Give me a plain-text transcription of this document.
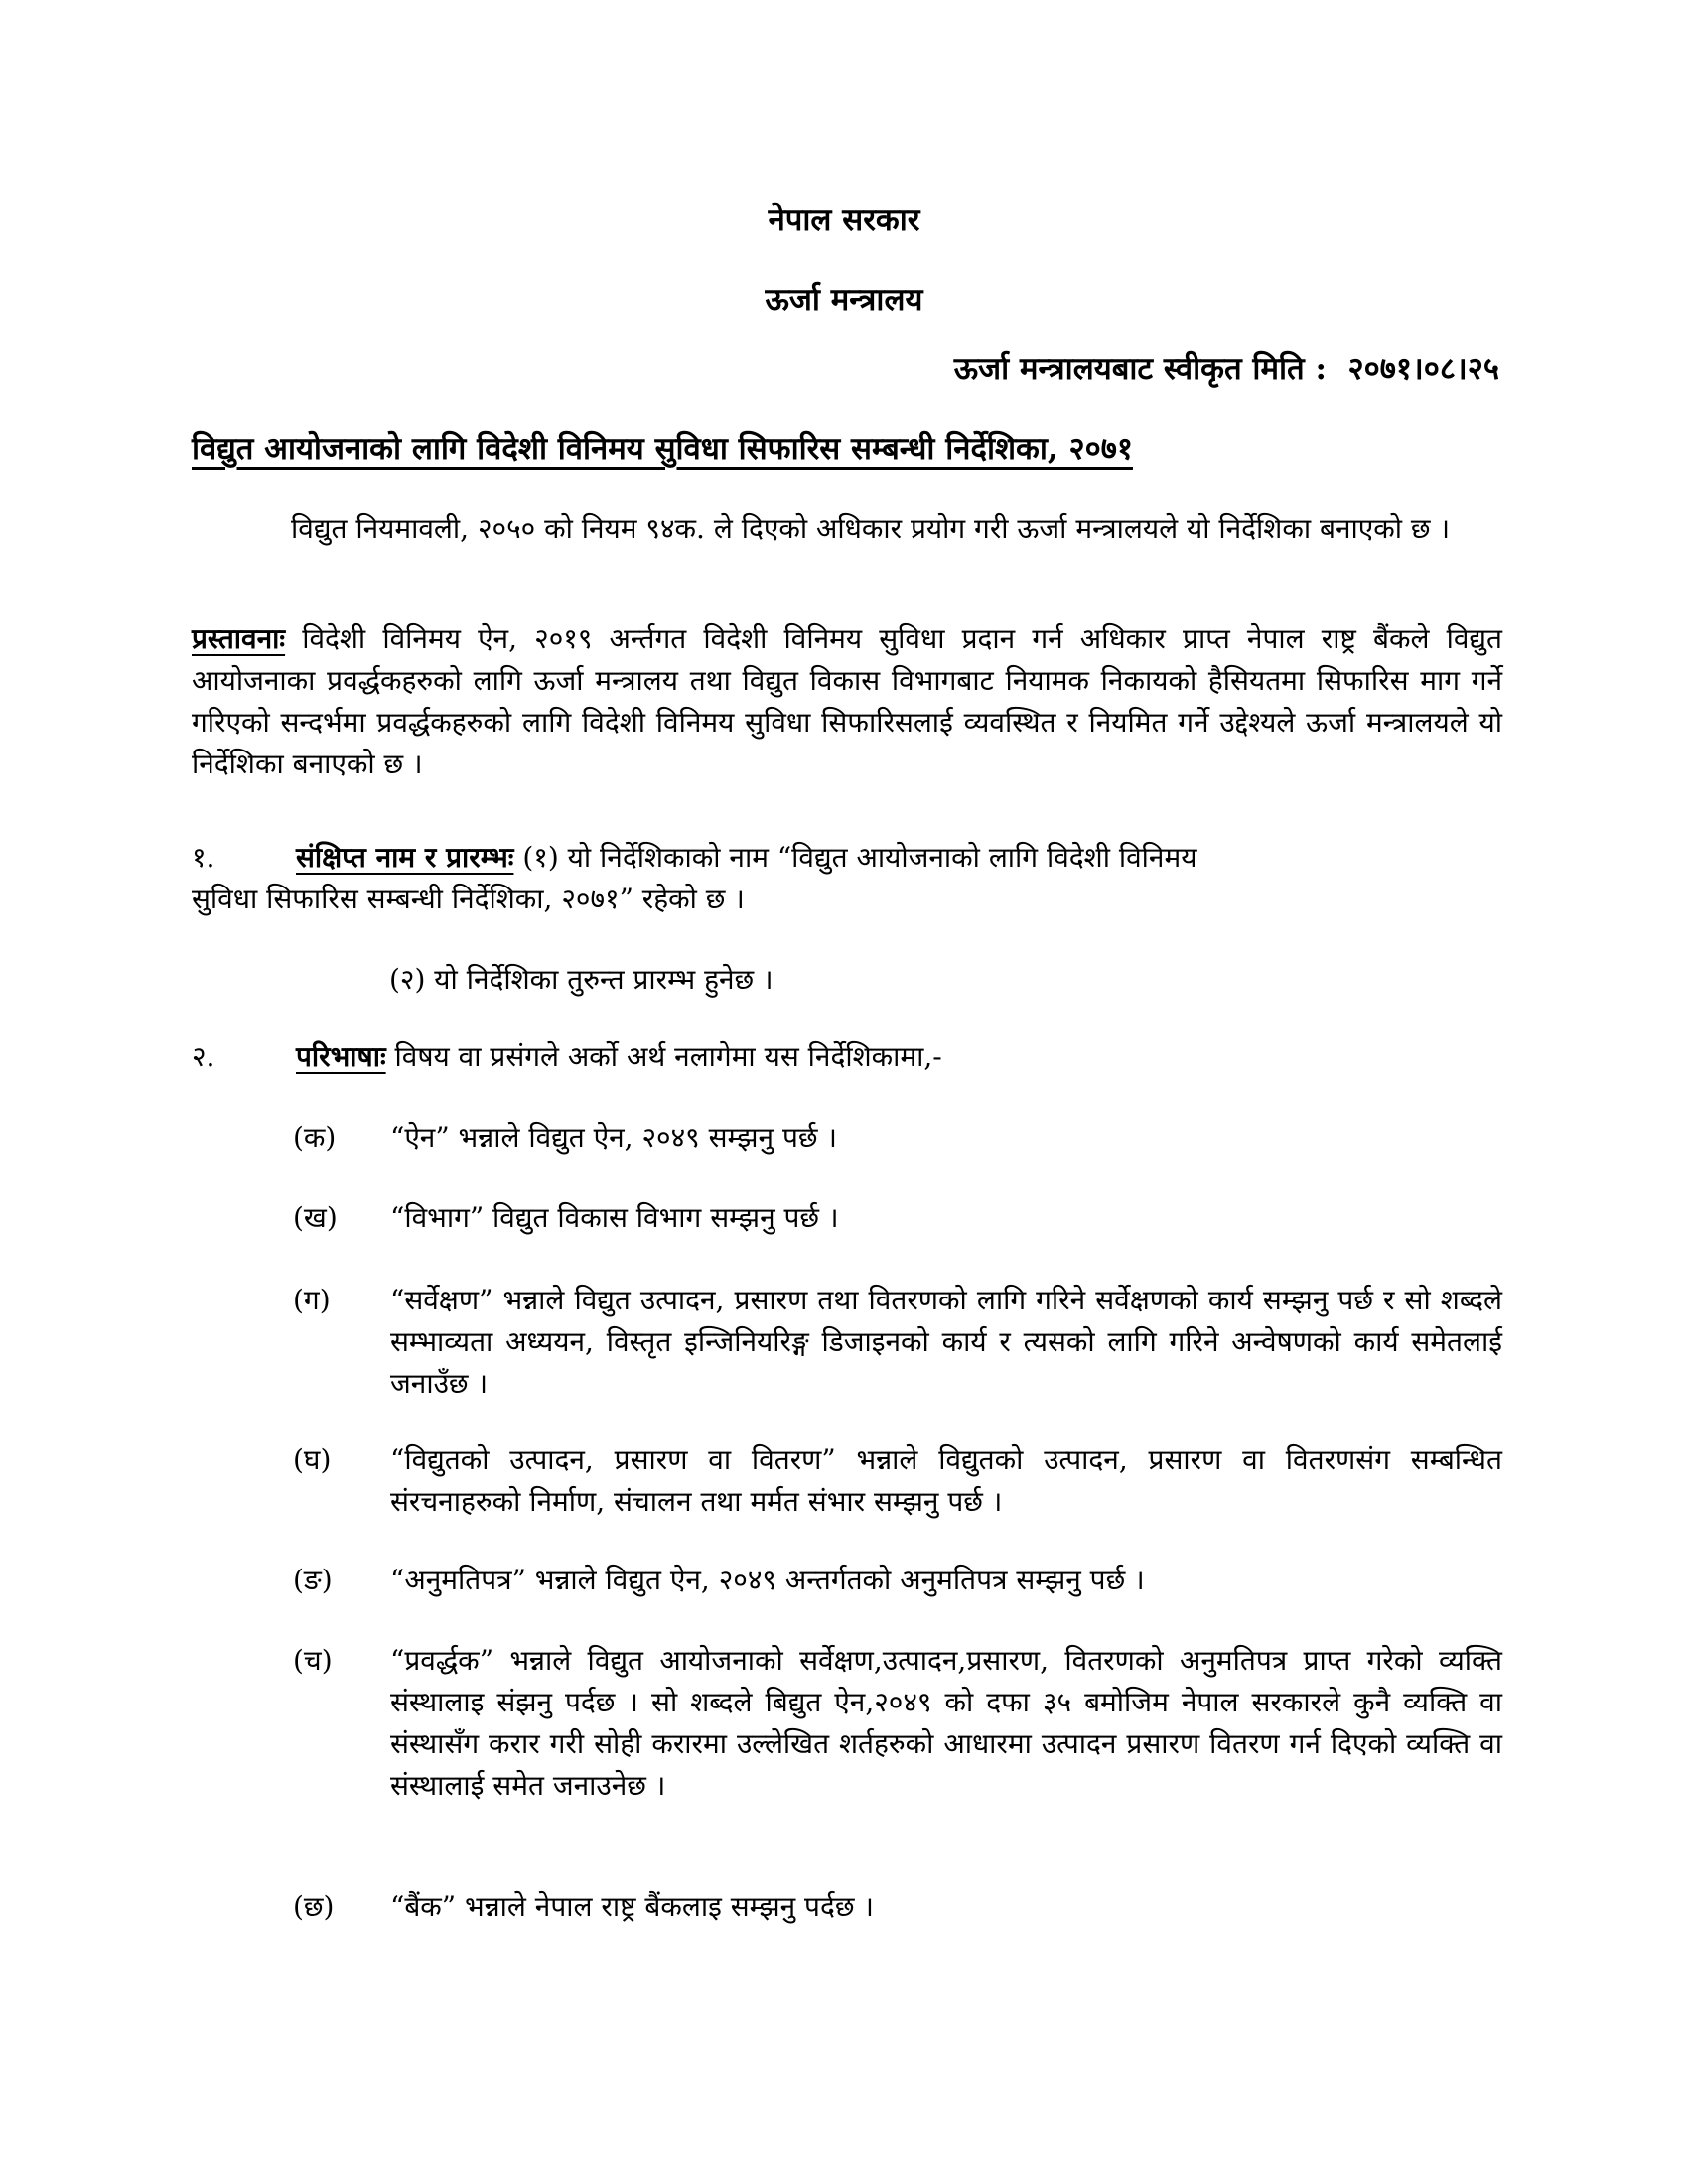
नेपाल सरकार
ऊर्जा मन्त्रालय
ऊर्जा मन्त्रालयबाट स्वीकृत मिति : २०७१।०८।२५
विद्युत आयोजनाको लागि विदेशी विनिमय सुविधा सिफारिस सम्बन्धी निर्देशिका, २०७१
विद्युत नियमावली, २०५० को नियम ९४क. ले दिएको अधिकार प्रयोग गरी ऊर्जा मन्त्रालयले यो निर्देशिका बनाएको छ ।
प्रस्तावनाः विदेशी विनिमय ऐन, २०१९ अर्न्तगत विदेशी विनिमय सुविधा प्रदान गर्न अधिकार प्राप्त नेपाल राष्ट्र बैंकले विद्युत आयोजनाका प्रवर्द्धकहरुको लागि ऊर्जा मन्त्रालय तथा विद्युत विकास विभागबाट नियामक निकायको हैसियतमा सिफारिस माग गर्ने गरिएको सन्दर्भमा प्रवर्द्धकहरुको लागि विदेशी विनिमय सुविधा सिफारिसलाई व्यवस्थित र नियमित गर्ने उद्देश्यले ऊर्जा मन्त्रालयले यो निर्देशिका बनाएको छ ।
१.	संक्षिप्त नाम र प्रारम्भः (१) यो निर्देशिकाको नाम “विद्युत आयोजनाको लागि विदेशी विनिमय
सुविधा सिफारिस सम्बन्धी निर्देशिका, २०७१” रहेको छ ।
(२) यो निर्देशिका तुरुन्त प्रारम्भ हुनेछ ।
२.	परिभाषाः विषय वा प्रसंगले अर्को अर्थ नलागेमा यस निर्देशिकामा,-
(क) “ऐन” भन्नाले विद्युत ऐन, २०४९ सम्झनु पर्छ ।
(ख) “विभाग” विद्युत विकास विभाग सम्झनु पर्छ ।
(ग) “सर्वेक्षण” भन्नाले विद्युत उत्पादन, प्रसारण तथा वितरणको लागि गरिने सर्वेक्षणको कार्य सम्झनु पर्छ र सो शब्दले सम्भाव्यता अध्ययन, विस्तृत इन्जिनियरिङ्ग डिजाइनको कार्य र त्यसको लागि गरिने अन्वेषणको कार्य समेतलाई जनाउँछ ।
(घ) “विद्युतको उत्पादन, प्रसारण वा वितरण” भन्नाले विद्युतको उत्पादन, प्रसारण वा वितरणसंग सम्बन्धित संरचनाहरुको निर्माण, संचालन तथा मर्मत संभार सम्झनु पर्छ ।
(ङ) “अनुमतिपत्र” भन्नाले विद्युत ऐन, २०४९ अन्तर्गतको अनुमतिपत्र सम्झनु पर्छ ।
(च) “प्रवर्द्धक” भन्नाले विद्युत आयोजनाको सर्वेक्षण,उत्पादन,प्रसारण, वितरणको अनुमतिपत्र प्राप्त गरेको व्यक्ति संस्थालाइ संझनु पर्दछ । सो शब्दले बिद्युत ऐन,२०४९ को दफा ३५ बमोजिम नेपाल सरकारले कुनै व्यक्ति वा संस्थासँग करार गरी सोही करारमा उल्लेखित शर्तहरुको आधारमा उत्पादन प्रसारण वितरण गर्न दिएको व्यक्ति वा संस्थालाई समेत जनाउनेछ ।
(छ) “बैंक” भन्नाले नेपाल राष्ट्र बैंकलाइ सम्झनु पर्दछ ।
